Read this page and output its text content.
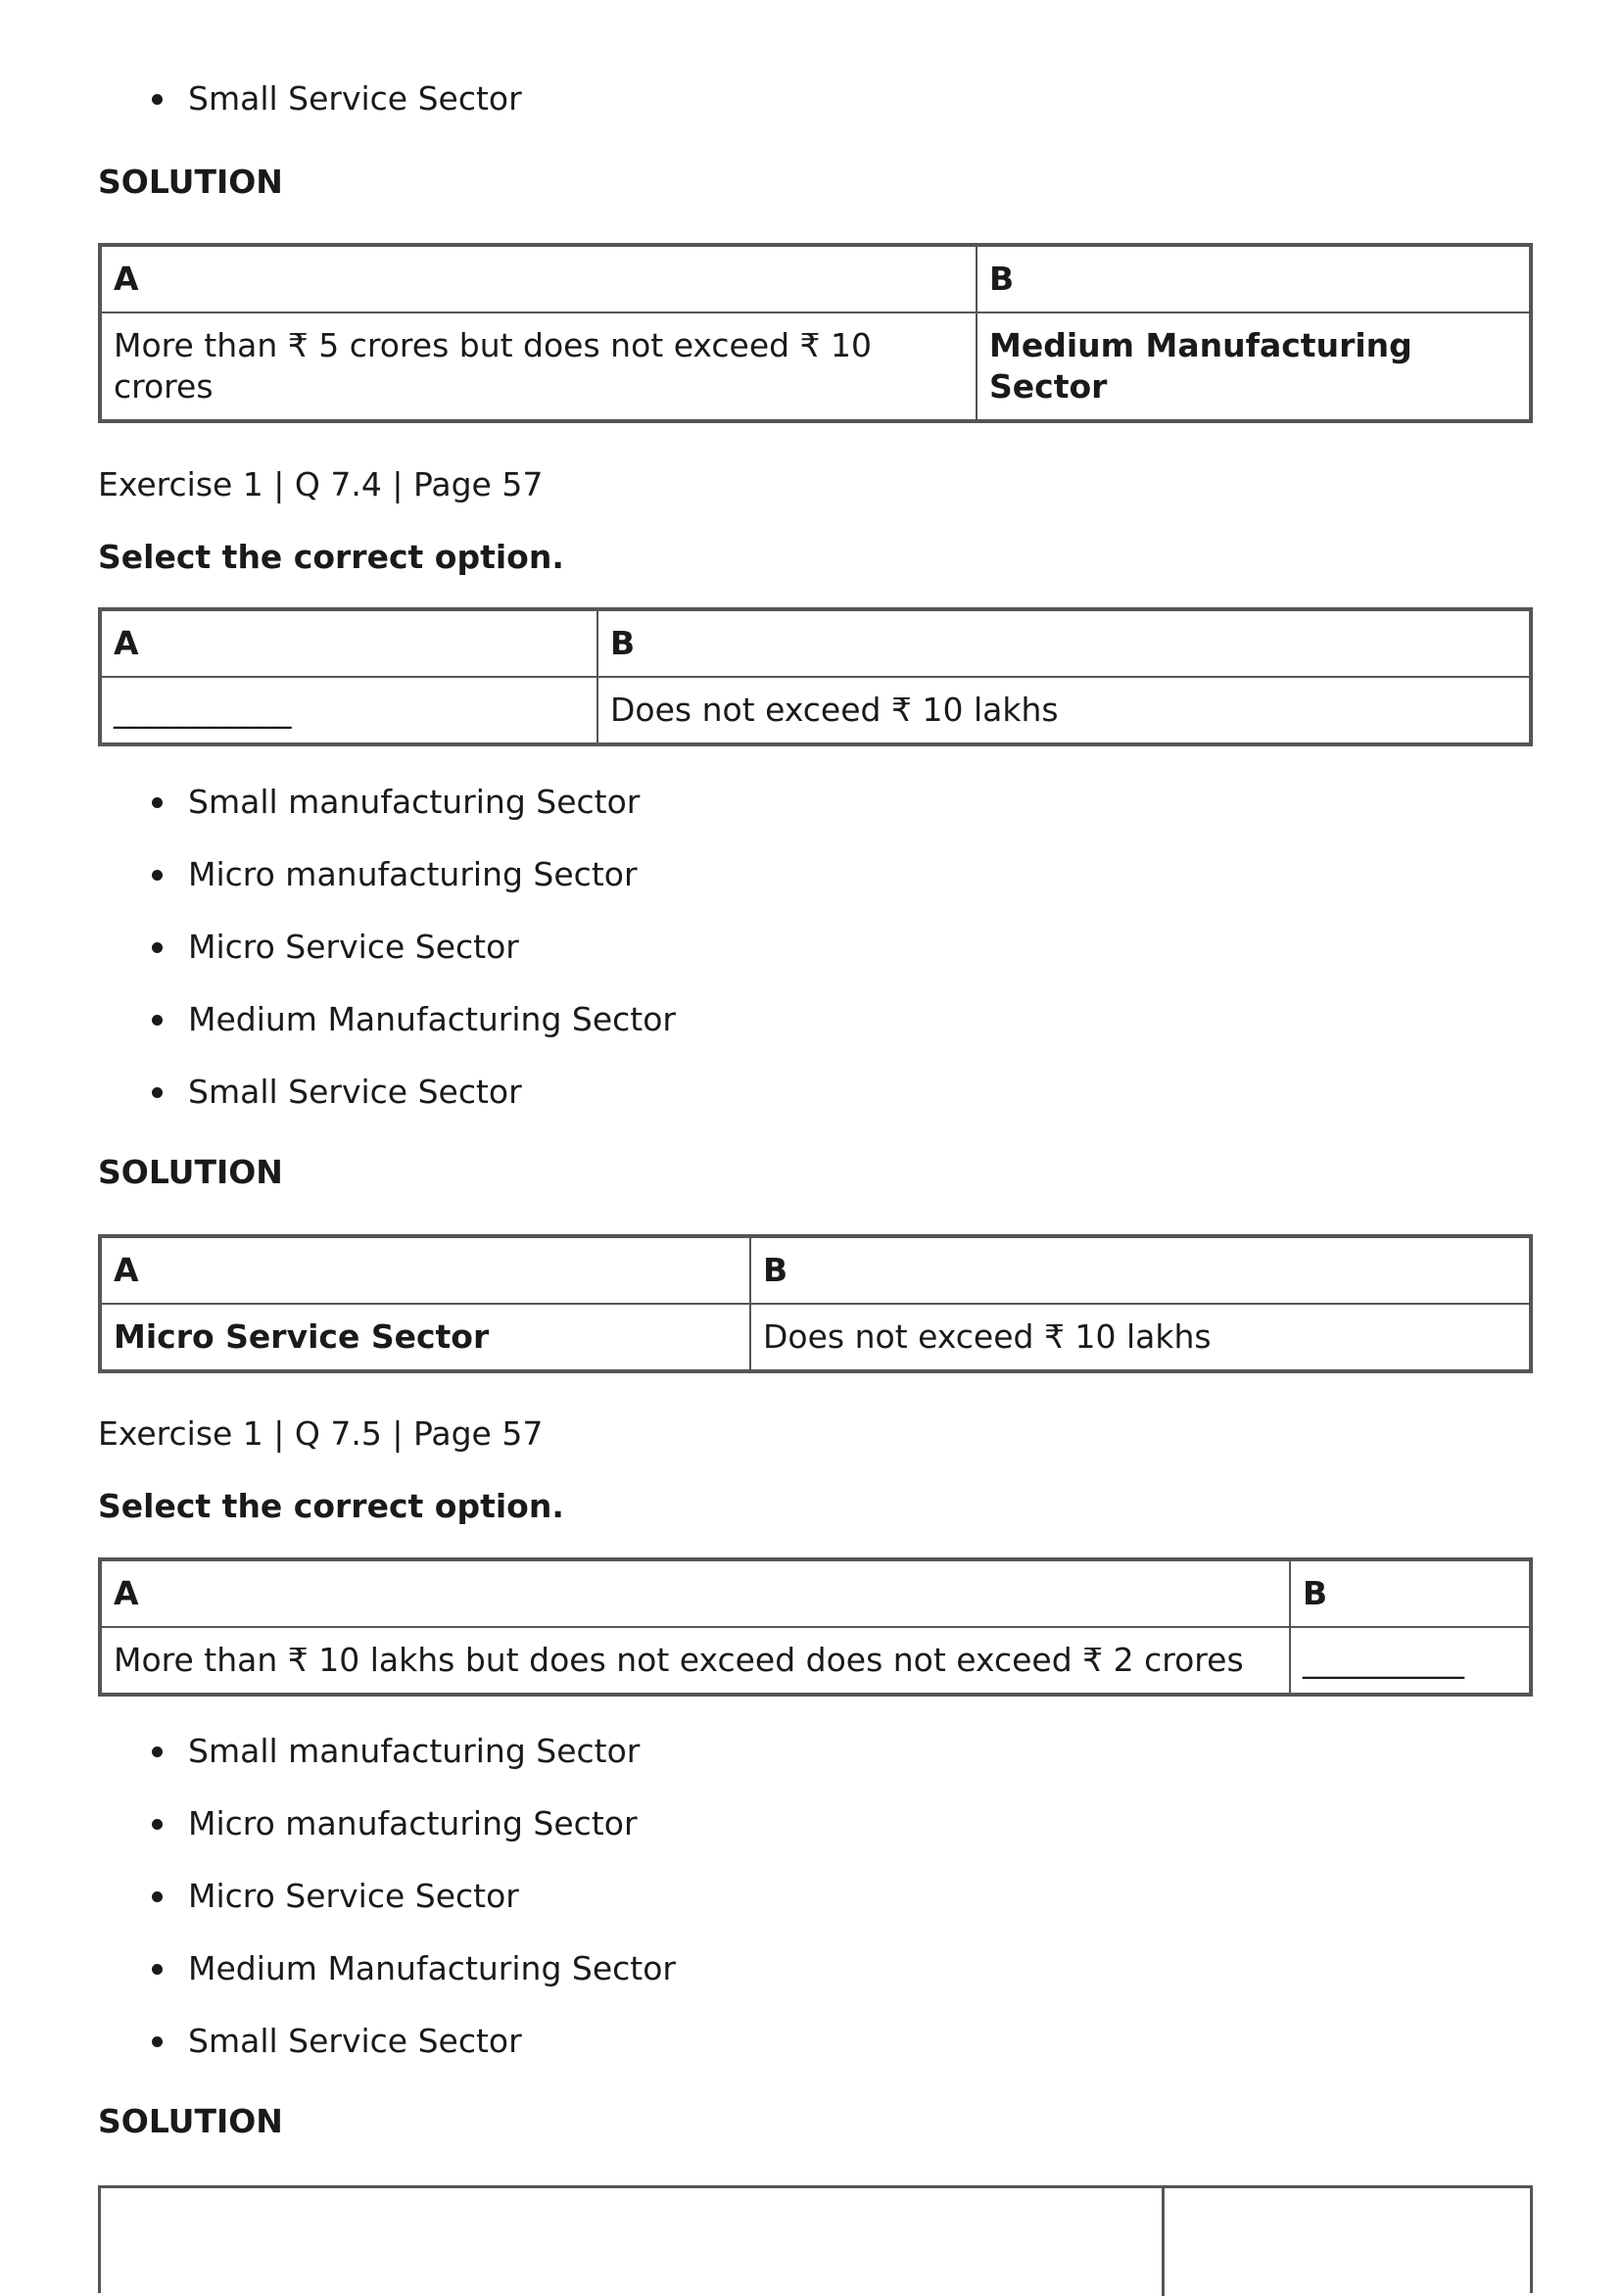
Small Service Sector
SOLUTION
A	B
More than ₹ 5 crores but does not exceed ₹ 10 crores	Medium Manufacturing Sector
Exercise 1 | Q 7.4 | Page 57
Select the correct option.
A	B
___________	Does not exceed ₹ 10 lakhs
Small manufacturing Sector
Micro manufacturing Sector
Micro Service Sector
Medium Manufacturing Sector
Small Service Sector
SOLUTION
A	B
Micro Service Sector	Does not exceed ₹ 10 lakhs
Exercise 1 | Q 7.5 | Page 57
Select the correct option.
A	B
More than ₹ 10 lakhs but does not exceed does not exceed ₹ 2 crores	__________
Small manufacturing Sector
Micro manufacturing Sector
Micro Service Sector
Medium Manufacturing Sector
Small Service Sector
SOLUTION
